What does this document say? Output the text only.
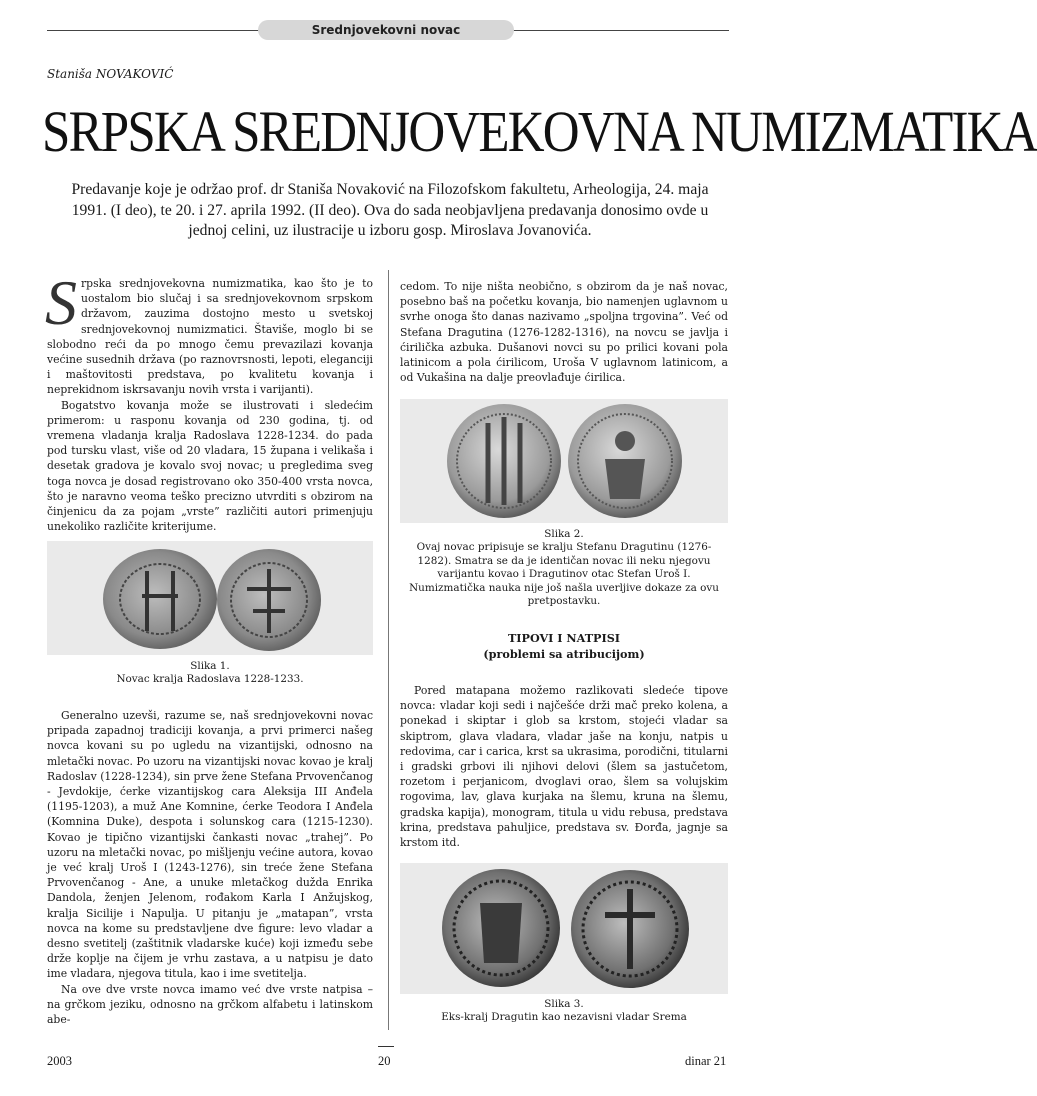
Srednjovekovni novac
Staniša NOVAKOVIĆ
SRPSKA SREDNJOVEKOVNA NUMIZMATIKA
Predavanje koje je održao prof. dr Staniša Novaković na Filozofskom fakultetu, Arheologija, 24. maja 1991. (I deo), te 20. i 27. aprila 1992. (II deo). Ova do sada neobjavljena predavanja donosimo ovde u jednoj celini, uz ilustracije u izboru gosp. Miroslava Jovanovića.

Srpska srednjovekovna numizmatika, kao što je to uostalom bio slučaj i sa srednjovekovnom srpskom državom, zauzima dostojno mesto u svetskoj srednjovekovnoj numizmatici. Štaviše, moglo bi se slobodno reći da po mnogo čemu prevazilazi kovanja većine susednih država (po raznovrsnosti, lepoti, eleganciji i maštovitosti predstava, po kvalitetu kovanja i neprekidnom iskrsavanju novih vrsta i varijanti).

Bogatstvo kovanja može se ilustrovati i sledećim primerom: u rasponu kovanja od 230 godina, tj. od vremena vladanja kralja Radoslava 1228-1234. do pada pod tursku vlast, više od 20 vladara, 15 župana i velikaša i desetak gradova je kovalo svoj novac; u pregledima sveg toga novca je dosad registrovano oko 350-400 vrsta novca, što je naravno veoma teško precizno utvrditi s obzirom na činjenicu da za pojam „vrste” različiti autori primenjuju unekoliko različite kriterijume.

Slika 1.
Novac kralja Radoslava 1228-1233.

Generalno uzevši, razume se, naš srednjovekovni novac pripada zapadnoj tradiciji kovanja, a prvi primerci našeg novca kovani su po ugledu na vizantijski, odnosno na mletački novac. Po uzoru na vizantijski novac kovao je kralj Radoslav (1228-1234), sin prve žene Stefana Prvovenčanog - Jevdokije, ćerke vizantijskog cara Aleksija III Anđela (1195-1203), a muž Ane Komnine, ćerke Teodora I Anđela (Komnina Duke), despota i solunskog cara (1215-1230). Kovao je tipično vizantijski čankasti novac „trahej”. Po uzoru na mletački novac, po mišljenju većine autora, kovao je već kralj Uroš I (1243-1276), sin treće žene Stefana Prvovenčanog - Ane, a unuke mletačkog dužda Enrika Dandola, ženjen Jelenom, rođakom Karla I Anžujskog, kralja Sicilije i Napulja. U pitanju je „matapan”, vrsta novca na kome su predstavljene dve figure: levo vladar a desno svetitelj (zaštitnik vladarske kuće) koji između sebe drže koplje na čijem je vrhu zastava, a u natpisu je dato ime vladara, njegova titula, kao i ime svetitelja.

Na ove dve vrste novca imamo već dve vrste natpisa – na grčkom jeziku, odnosno na grčkom alfabetu i latinskom abe-

cedom. To nije ništa neobično, s obzirom da je naš novac, posebno baš na početku kovanja, bio namenjen uglavnom u svrhe onoga što danas nazivamo „spoljna trgovina”. Već od Stefana Dragutina (1276-1282-1316), na novcu se javlja i ćirilička azbuka. Dušanovi novci su po prilici kovani pola latinicom a pola ćirilicom, Uroša V uglavnom latinicom, a od Vukašina na dalje preovlađuje ćirilica.

Slika 2.
Ovaj novac pripisuje se kralju Stefanu Dragutinu (1276-1282). Smatra se da je identičan novac ili neku njegovu varijantu kovao i Dragutinov otac Stefan Uroš I. Numizmatička nauka nije još našla uverljive dokaze za ovu pretpostavku.
TIPOVI I NATPISI
(problemi sa atribucijom)

Pored matapana možemo razlikovati sledeće tipove novca: vladar koji sedi i najčešće drži mač preko kolena, a ponekad i skiptar i glob sa krstom, stojeći vladar sa skiptrom, glava vladara, vladar jaše na konju, natpis u redovima, car i carica, krst sa ukrasima, porodični, titularni i gradski grbovi ili njihovi delovi (šlem sa jastučetom, rozetom i perjanicom, dvoglavi orao, šlem sa volujskim rogovima, lav, glava kurjaka na šlemu, kruna na šlemu, gradska kapija), monogram, titula u vidu rebusa, predstava krina, predstava pahuljice, predstava sv. Đorđa, jagnje sa krstom itd.

Slika 3.
Eks-kralj Dragutin kao nezavisni vladar Srema
2003	20	dinar 21
